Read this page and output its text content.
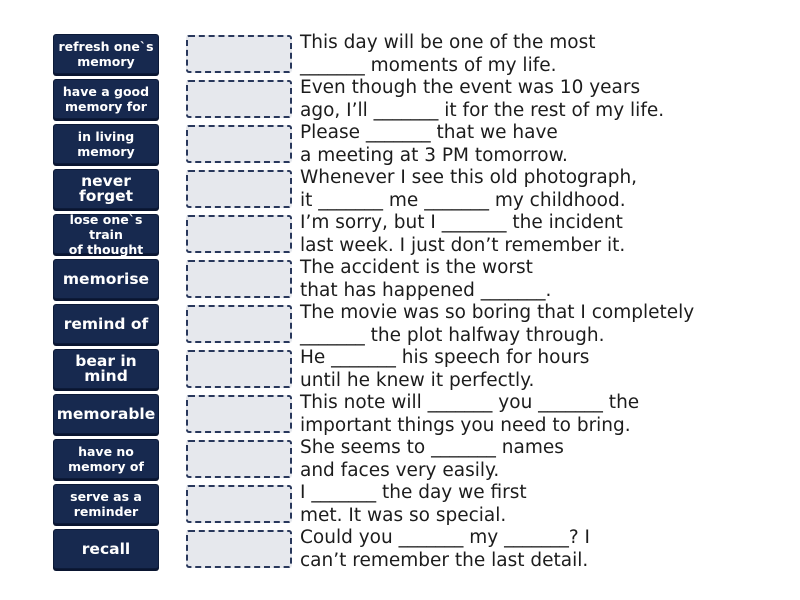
refresh one`s
memory
This day will be one of the most
_______ moments of my life.
have a good
memory for
Even though the event was 10 years
ago, I’ll _______ it for the rest of my life.
in living
memory
Please _______ that we have
a meeting at 3 PM tomorrow.
never forget
Whenever I see this old photograph,
it _______ me _______ my childhood.
lose one`s train
of thought
I’m sorry, but I _______ the incident
last week. I just don’t remember it.
memorise
The accident is the worst
that has happened _______.
remind of
The movie was so boring that I completely
_______ the plot halfway through.
bear in mind
He _______ his speech for hours
until he knew it perfectly.
memorable
This note will _______ you _______ the
important things you need to bring.
have no
memory of
She seems to _______ names
and faces very easily.
serve as a
reminder
I _______ the day we first
met. It was so special.
recall
Could you _______ my _______? I
can’t remember the last detail.
